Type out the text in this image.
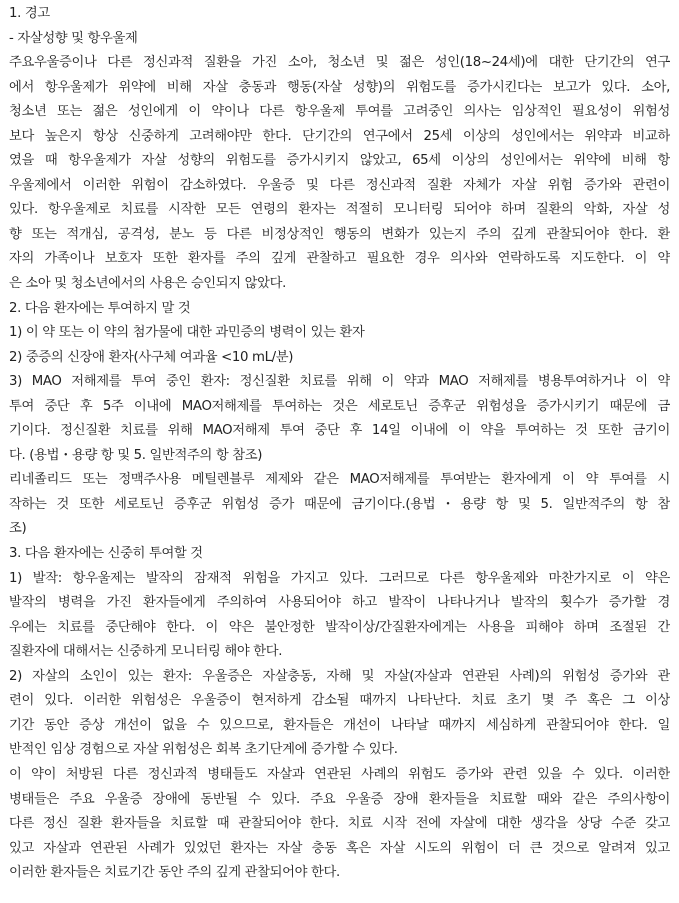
1. 경고
- 자살성향 및 항우울제
주요우울증이나 다른 정신과적 질환을 가진 소아, 청소년 및 젊은 성인(18~24세)에 대한 단기간의 연구
에서 항우울제가 위약에 비해 자살 충동과 행동(자살 성향)의 위험도를 증가시킨다는 보고가 있다. 소아,
청소년 또는 젊은 성인에게 이 약이나 다른 항우울제 투여를 고려중인 의사는 임상적인 필요성이 위험성
보다 높은지 항상 신중하게 고려해야만 한다. 단기간의 연구에서 25세 이상의 성인에서는 위약과 비교하
였을 때 항우울제가 자살 성향의 위험도를 증가시키지 않았고, 65세 이상의 성인에서는 위약에 비해 항
우울제에서 이러한 위험이 감소하였다. 우울증 및 다른 정신과적 질환 자체가 자살 위험 증가와 관련이
있다. 항우울제로 치료를 시작한 모든 연령의 환자는 적절히 모니터링 되어야 하며 질환의 악화, 자살 성
향 또는 적개심, 공격성, 분노 등 다른 비정상적인 행동의 변화가 있는지 주의 깊게 관찰되어야 한다. 환
자의 가족이나 보호자 또한 환자를 주의 깊게 관찰하고 필요한 경우 의사와 연락하도록 지도한다. 이 약
은 소아 및 청소년에서의 사용은 승인되지 않았다.
2. 다음 환자에는 투여하지 말 것
1) 이 약 또는 이 약의 첨가물에 대한 과민증의 병력이 있는 환자
2) 중증의 신장애 환자(사구체 여과율 <10 mL/분)
3) MAO 저해제를 투여 중인 환자: 정신질환 치료를 위해 이 약과 MAO 저해제를 병용투여하거나 이 약
투여 중단 후 5주 이내에 MAO저해제를 투여하는 것은 세로토닌 증후군 위험성을 증가시키기 때문에 금
기이다. 정신질환 치료를 위해 MAO저해제 투여 중단 후 14일 이내에 이 약을 투여하는 것 또한 금기이
다. (용법・용량 항 및 5. 일반적주의 항 참조)
리네졸리드 또는 정맥주사용 메틸렌블루 제제와 같은 MAO저해제를 투여받는 환자에게 이 약 투여를 시
작하는 것 또한 세로토닌 증후군 위험성 증가 때문에 금기이다.(용법・용량 항 및 5. 일반적주의 항 참
조)
3. 다음 환자에는 신중히 투여할 것
1) 발작: 항우울제는 발작의 잠재적 위험을 가지고 있다. 그러므로 다른 항우울제와 마찬가지로 이 약은
발작의 병력을 가진 환자들에게 주의하여 사용되어야 하고 발작이 나타나거나 발작의 횟수가 증가할 경
우에는 치료를 중단해야 한다. 이 약은 불안정한 발작이상/간질환자에게는 사용을 피해야 하며 조절된 간
질환자에 대해서는 신중하게 모니터링 해야 한다.
2) 자살의 소인이 있는 환자: 우울증은 자살충동, 자해 및 자살(자살과 연관된 사례)의 위험성 증가와 관
련이 있다. 이러한 위험성은 우울증이 현저하게 감소될 때까지 나타난다. 치료 초기 몇 주 혹은 그 이상
기간 동안 증상 개선이 없을 수 있으므로, 환자들은 개선이 나타날 때까지 세심하게 관찰되어야 한다. 일
반적인 임상 경험으로 자살 위험성은 회복 초기단계에 증가할 수 있다.
이 약이 처방된 다른 정신과적 병태들도 자살과 연관된 사례의 위험도 증가와 관련 있을 수 있다. 이러한
병태들은 주요 우울증 장애에 동반될 수 있다. 주요 우울증 장애 환자들을 치료할 때와 같은 주의사항이
다른 정신 질환 환자들을 치료할 때 관찰되어야 한다. 치료 시작 전에 자살에 대한 생각을 상당 수준 갖고
있고 자살과 연관된 사례가 있었던 환자는 자살 충동 혹은 자살 시도의 위험이 더 큰 것으로 알려져 있고
이러한 환자들은 치료기간 동안 주의 깊게 관찰되어야 한다.
